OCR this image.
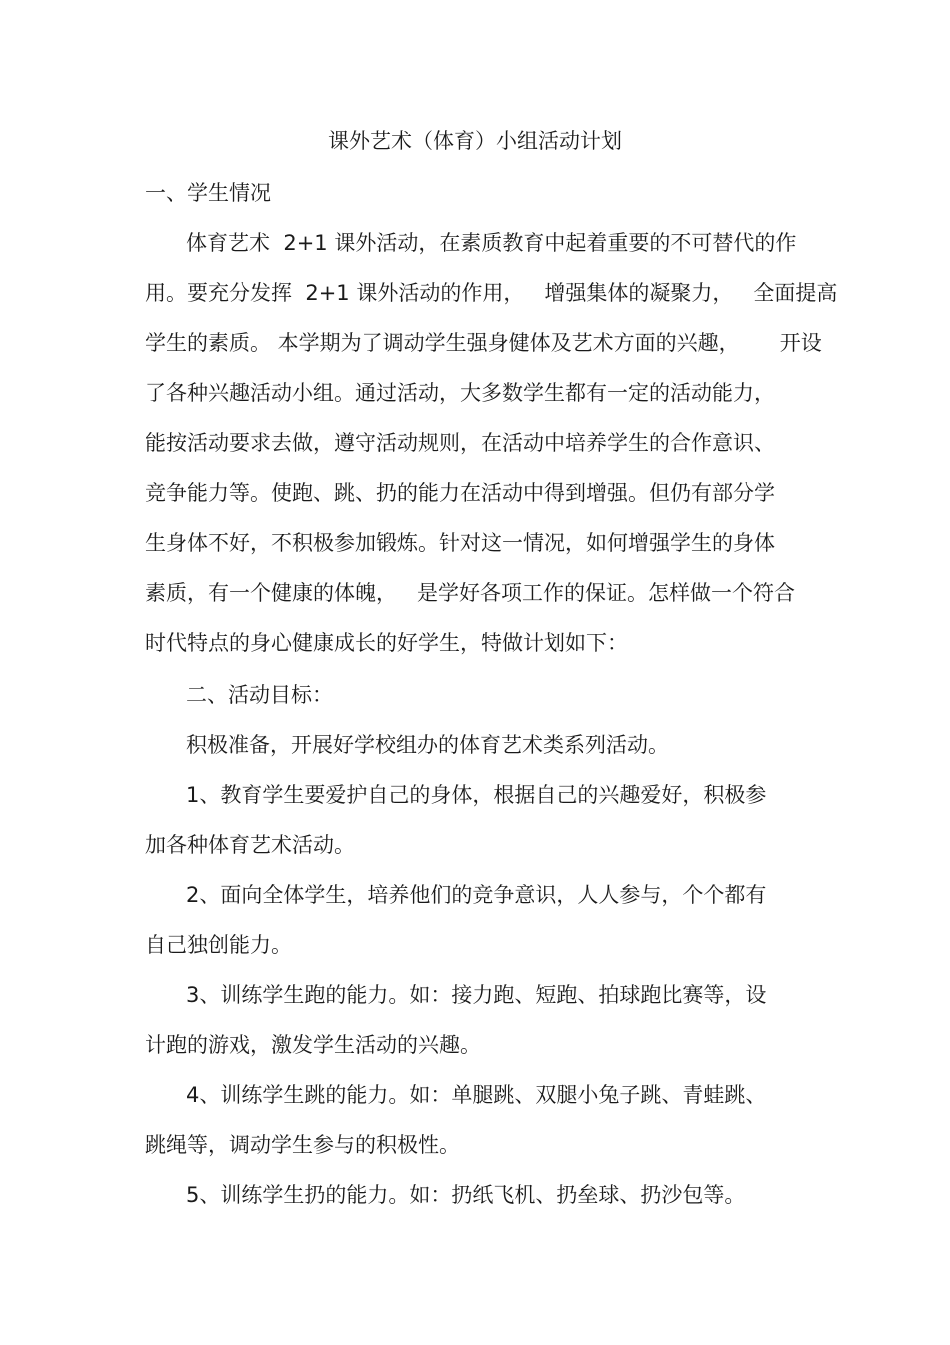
课外艺术（体育）小组活动计划
一、学生情况
体育艺术  2+1 课外活动，在素质教育中起着重要的不可替代的作
用。要充分发挥  2+1 课外活动的作用，   增强集体的凝聚力，   全面提高
学生的素质。 本学期为了调动学生强身健体及艺术方面的兴趣，      开设
了各种兴趣活动小组。通过活动，大多数学生都有一定的活动能力，
能按活动要求去做，遵守活动规则，在活动中培养学生的合作意识、
竞争能力等。使跑、跳、扔的能力在活动中得到增强。但仍有部分学
生身体不好，不积极参加锻炼。针对这一情况，如何增强学生的身体
素质，有一个健康的体魄，   是学好各项工作的保证。怎样做一个符合
时代特点的身心健康成长的好学生，特做计划如下：
二、活动目标：
积极准备，开展好学校组办的体育艺术类系列活动。
1、教育学生要爱护自己的身体，根据自己的兴趣爱好，积极参
加各种体育艺术活动。
2、面向全体学生，培养他们的竞争意识，人人参与，个个都有
自己独创能力。
3、训练学生跑的能力。如：接力跑、短跑、拍球跑比赛等，设
计跑的游戏，激发学生活动的兴趣。
4、训练学生跳的能力。如：单腿跳、双腿小兔子跳、青蛙跳、
跳绳等，调动学生参与的积极性。
5、训练学生扔的能力。如：扔纸飞机、扔垒球、扔沙包等。
